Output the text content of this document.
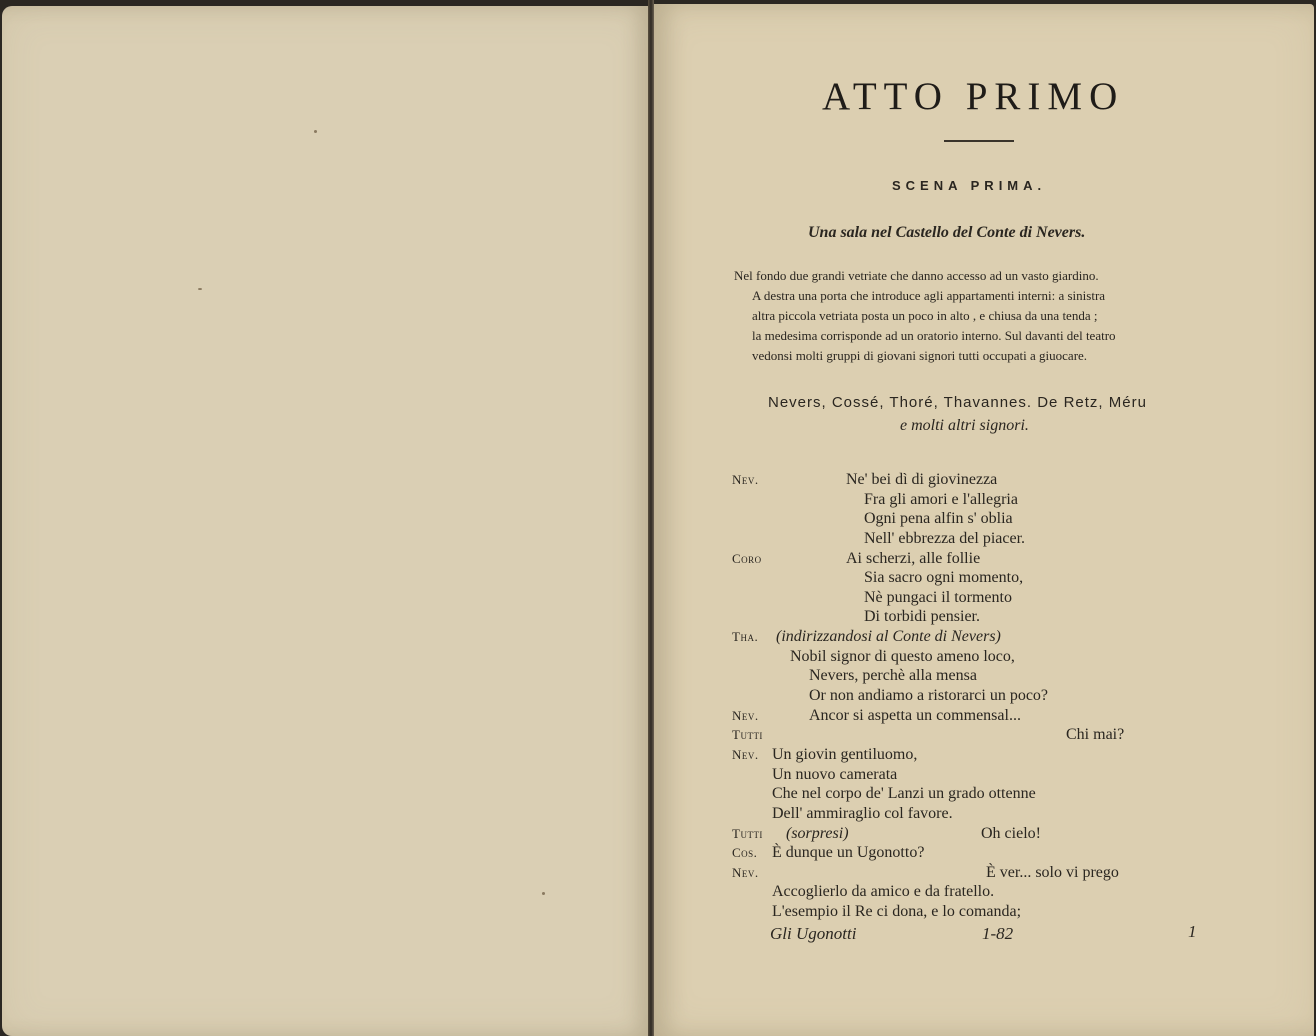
ATTO PRIMO
SCENA PRIMA.
Una sala nel Castello del Conte di Nevers.
Nel fondo due grandi vetriate che danno accesso ad un vasto giardino.
A destra una porta che introduce agli appartamenti interni: a sinistra
altra piccola vetriata posta un poco in alto , e chiusa da una tenda ;
la medesima corrisponde ad un oratorio interno. Sul davanti del teatro
vedonsi molti gruppi di giovani signori tutti occupati a giuocare.
Nevers, Cossé, Thoré, Thavannes. De Retz, Méru
e molti altri signori.
Nev.	Ne' bei dì di giovinezza
Fra gli amori e l'allegria
Ogni pena alfin s' oblia
Nell' ebbrezza del piacer.
Coro	Ai scherzi, alle follie
Sia sacro ogni momento,
Nè pungaci il tormento
Di torbidi pensier.
Tha. (indirizzandosi al Conte di Nevers)
Nobil signor di questo ameno loco,
Nevers, perchè alla mensa
Or non andiamo a ristorarci un poco?
Nev.	Ancor si aspetta un commensal...
Tutti	Chi mai?
Nev. Un giovin gentiluomo,
Un nuovo camerata
Che nel corpo de' Lanzi un grado ottenne
Dell' ammiraglio col favore.
Tutti (sorpresi)	Oh cielo!
Cos. È dunque un Ugonotto?
Nev.	È ver... solo vi prego
Accoglierlo da amico e da fratello.
L'esempio il Re ci dona, e lo comanda;
Gli Ugonotti	1-82	1
